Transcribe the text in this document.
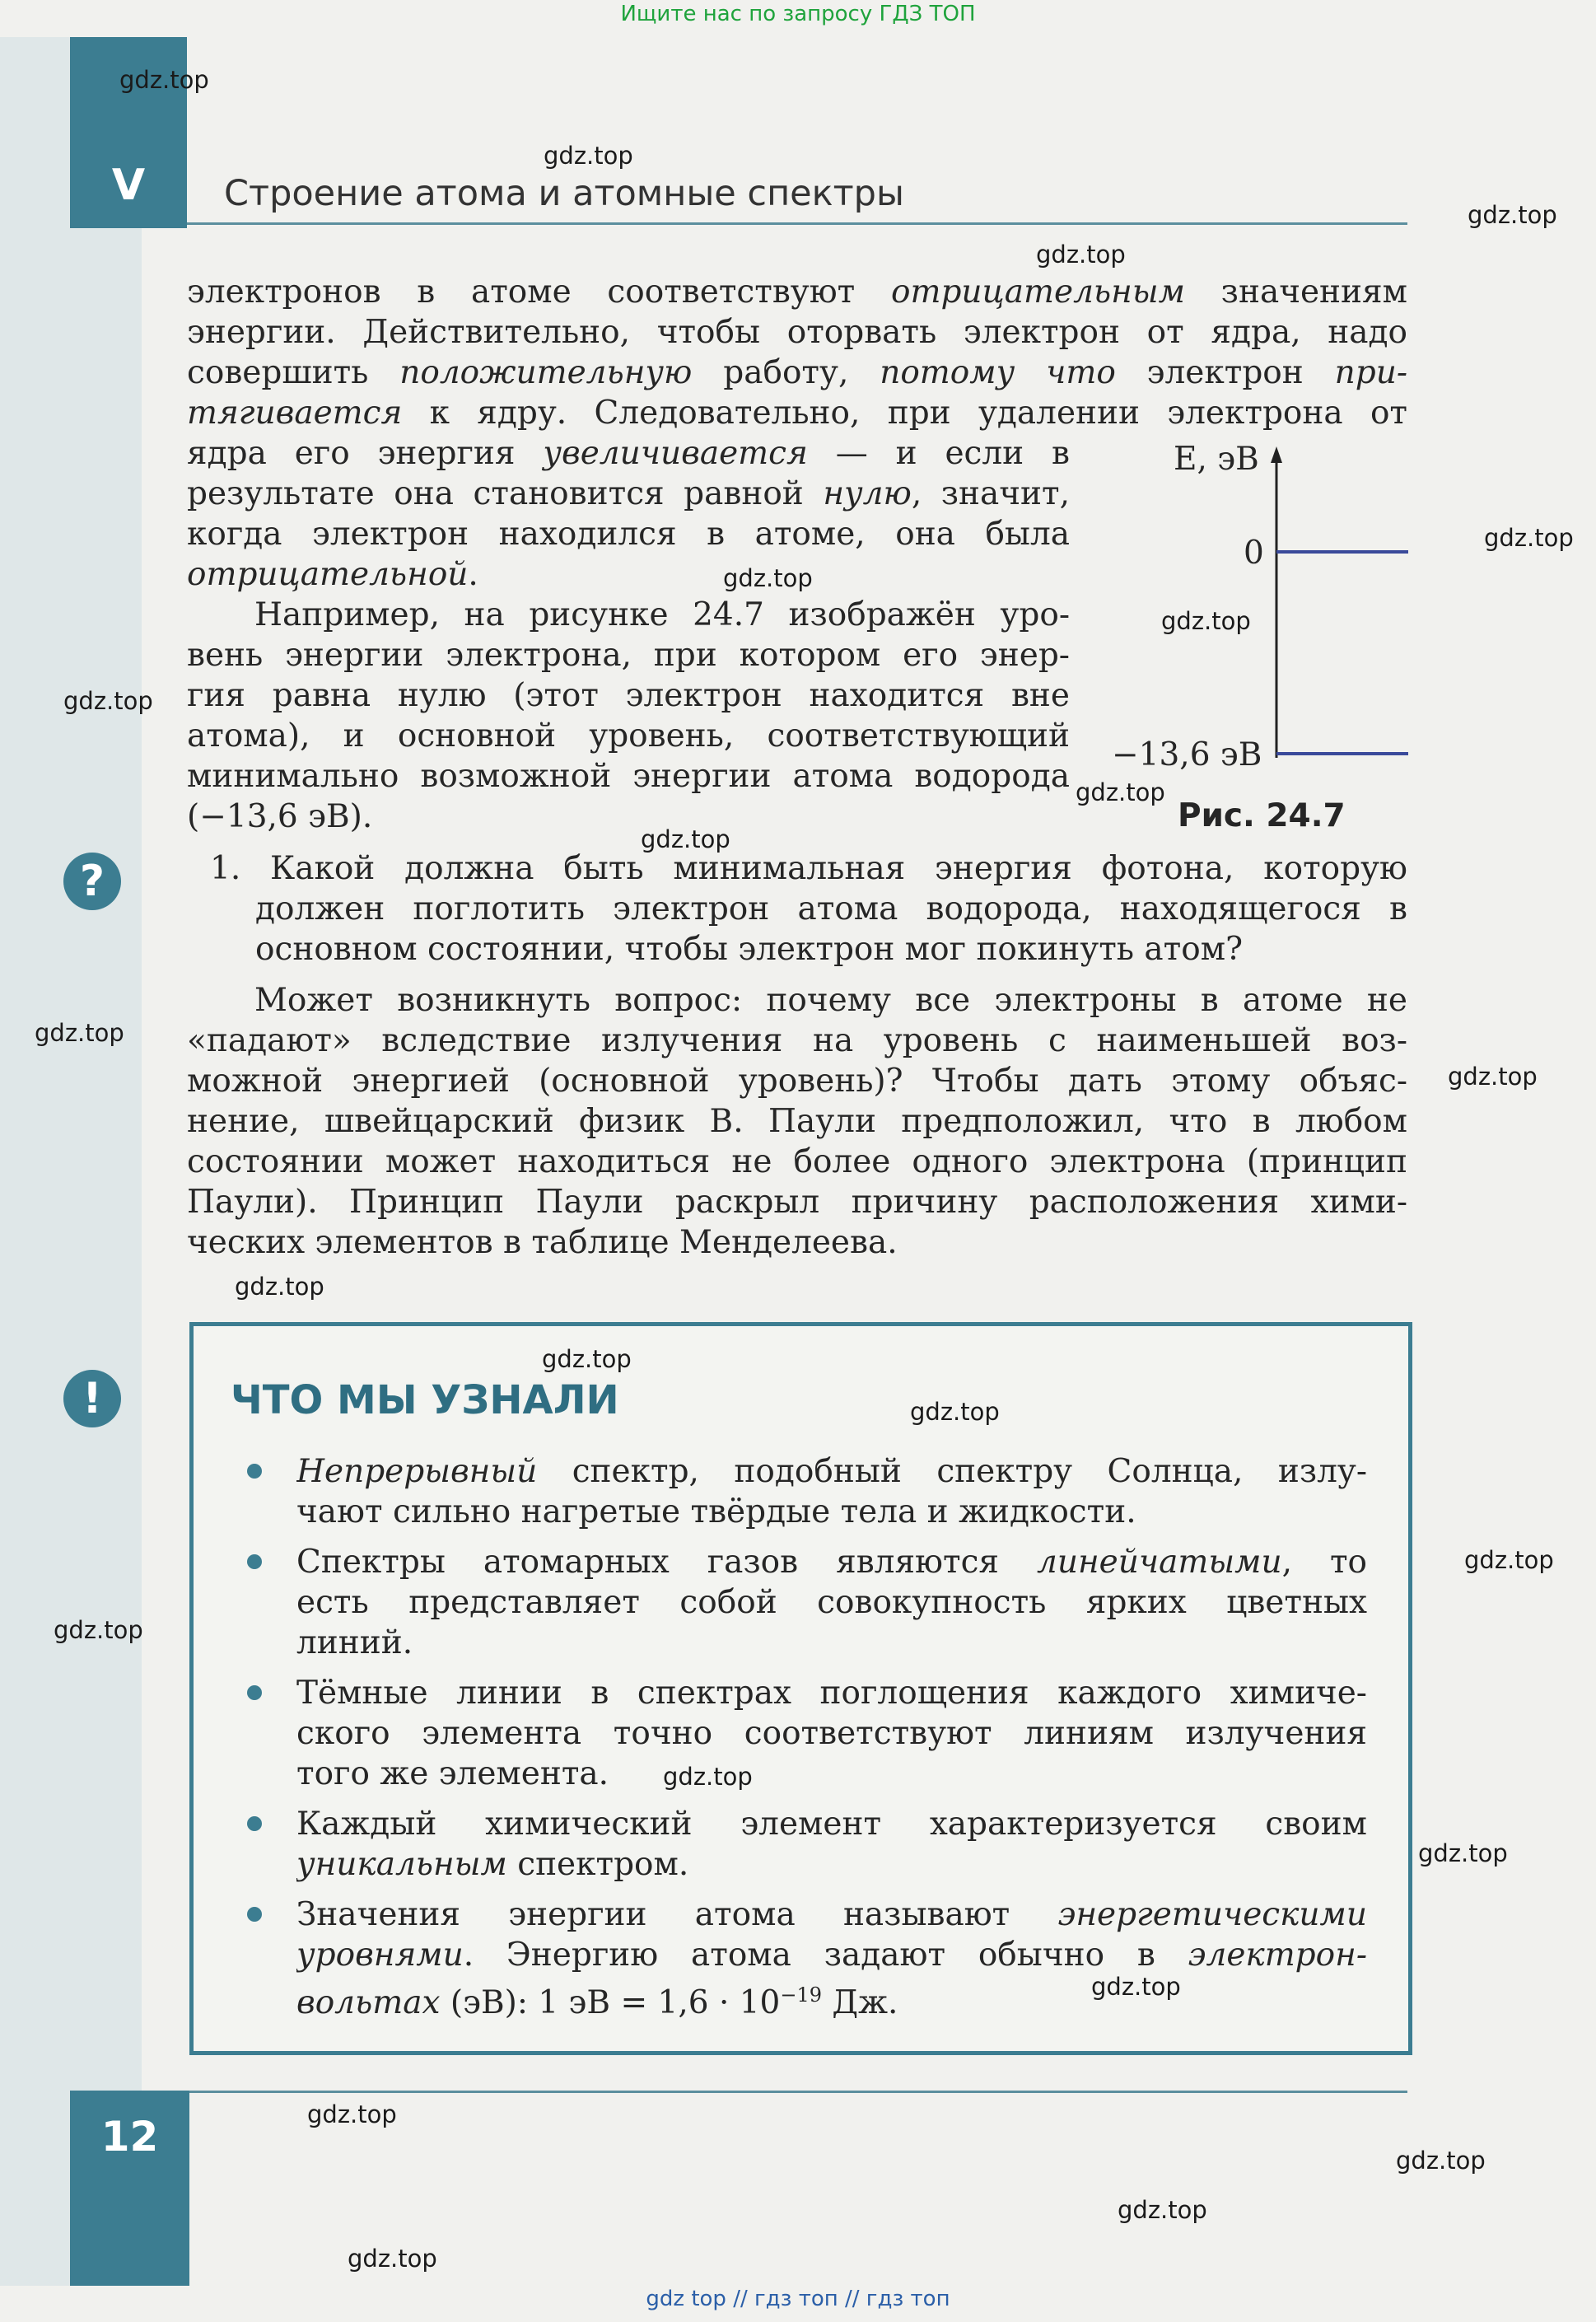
Ищите нас по запросу ГДЗ ТОП
V	Строение атома и атомные спектры
электронов в атоме соответствуют отрицательным значениям
энергии. Действительно, чтобы оторвать электрон от ядра, надо
совершить положительную работу, потому что электрон при-
тягивается к ядру. Следовательно, при удалении электрона от
ядра его энергия увеличивается — и если в
результате она становится равной нулю, значит,
когда электрон находился в атоме, она была
отрицательной.
Например, на рисунке 24.7 изображён уро-
вень энергии электрона, при котором его энер-
гия равна нулю (этот электрон находится вне
атома), и основной уровень, соответствующий
минимально возможной энергии атома водорода
(−13,6 эВ).
E, эВ
0
−13,6 эВ
Рис. 24.7
?	1. Какой должна быть минимальная энергия фотона, которую
должен поглотить электрон атома водорода, находящегося в
основном состоянии, чтобы электрон мог покинуть атом?
Может возникнуть вопрос: почему все электроны в атоме не
«падают» вследствие излучения на уровень с наименьшей воз-
можной энергией (основной уровень)? Чтобы дать этому объяс-
нение, швейцарский физик В. Паули предположил, что в любом
состоянии может находиться не более одного электрона (принцип
Паули). Принцип Паули раскрыл причину расположения хими-
ческих элементов в таблице Менделеева.
!	ЧТО МЫ УЗНАЛИ
Непрерывный спектр, подобный спектру Солнца, излу-
чают сильно нагретые твёрдые тела и жидкости.
Спектры атомарных газов являются линейчатыми, то
есть представляет собой совокупность ярких цветных
линий.
Тёмные линии в спектрах поглощения каждого химиче-
ского элемента точно соответствуют линиям излучения
того же элемента.
Каждый химический элемент характеризуется своим
уникальным спектром.
Значения энергии атома называют энергетическими
уровнями. Энергию атома задают обычно в электрон-
вольтах (эВ): 1 эВ = $1,6 \cdot 10^{-19}$ Дж.
12
gdz.top
gdz.top
gdz.top
gdz.top
gdz.top
gdz.top
gdz.top
gdz.top
gdz.top
gdz.top
gdz.top
gdz.top
gdz.top
gdz.top
gdz.top
gdz.top
gdz.top
gdz.top
gdz.top
gdz.top
gdz.top
gdz.top
gdz.top
gdz.top
gdz top // гдз топ // гдз топ
